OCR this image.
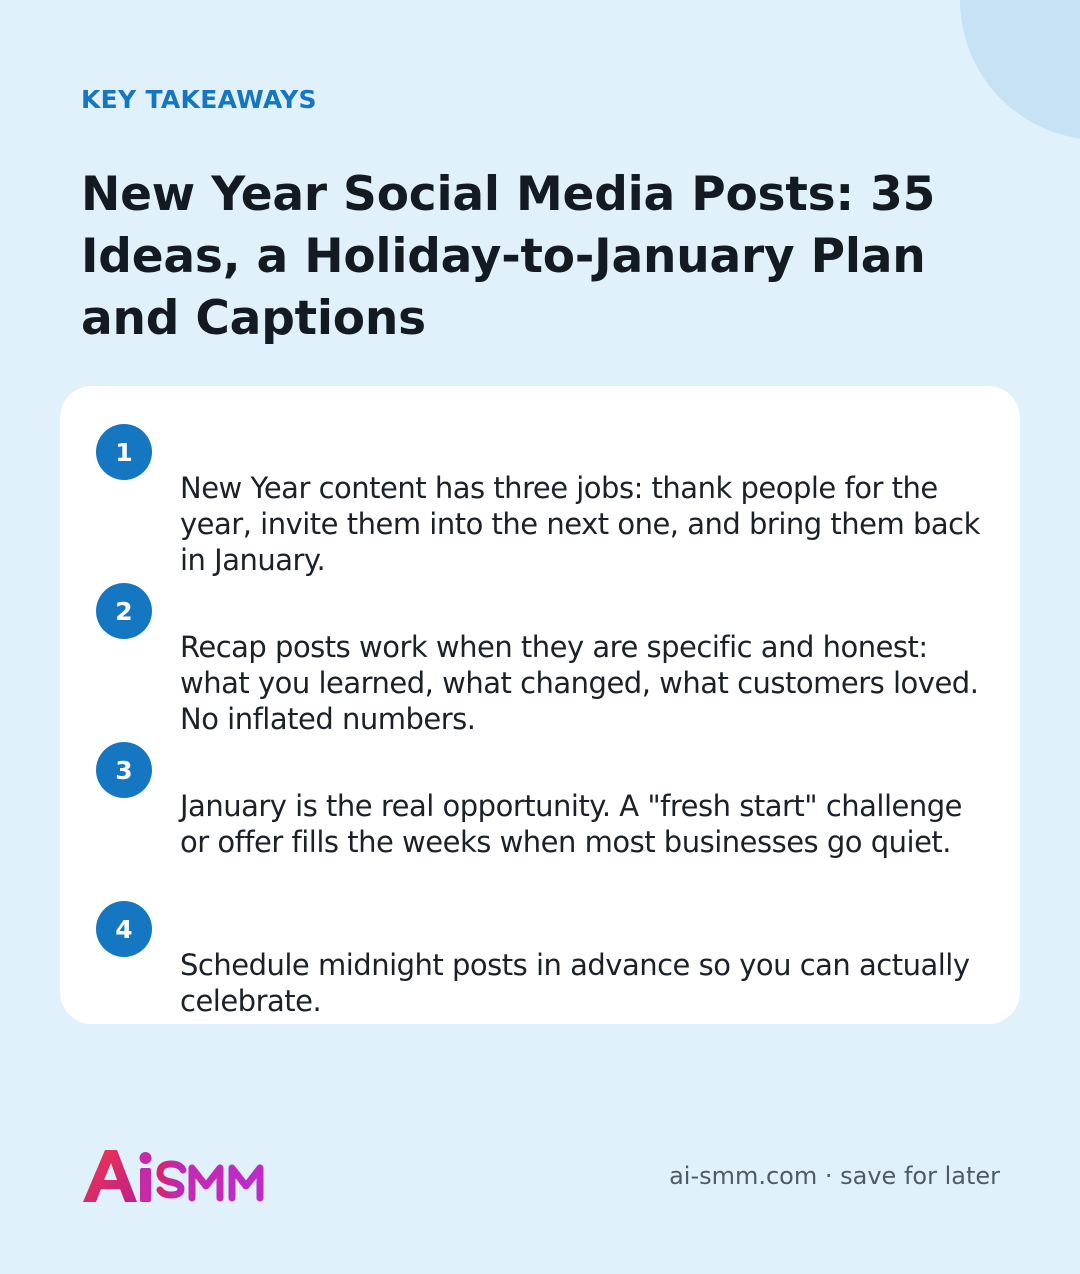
KEY TAKEAWAYS
New Year Social Media Posts: 35 Ideas, a Holiday-to-January Plan and Captions
1

New Year content has three jobs: thank people for the year, invite them into the next one, and bring them back in January.

2

Recap posts work when they are specific and honest: what you learned, what changed, what customers loved. No inflated numbers.

3

January is the real opportunity. A "fresh start" challenge or offer fills the weeks when most businesses go quiet.

4

Schedule midnight posts in advance so you can actually celebrate.

ai-smm.com · save for later
